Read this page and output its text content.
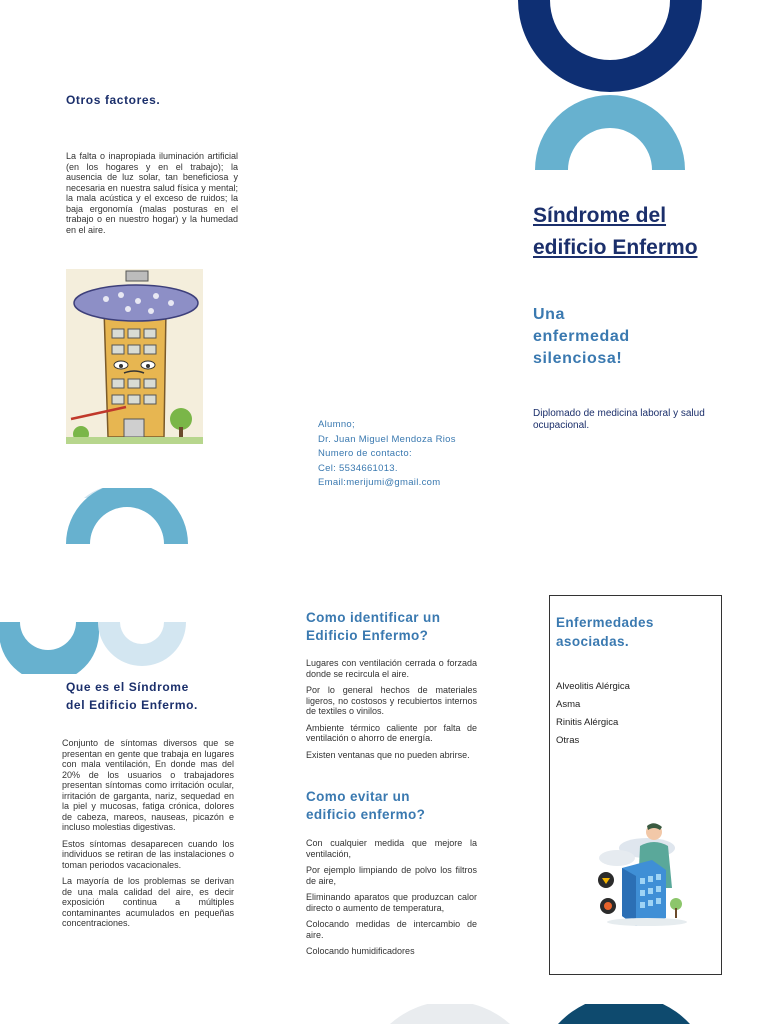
Otros factores.

La falta o inapropiada iluminación artificial (en los hogares y en el trabajo); la ausencia de luz solar, tan beneficiosa y necesaria en nuestra salud física y mental; la mala acústica y el exceso de ruidos; la baja ergonomía (malas posturas en el trabajo o en nuestro hogar) y la humedad en el aire.

Alumno;
Dr. Juan Miguel Mendoza Rios
Numero de contacto:
Cel: 5534661013.
Email:merijumi@gmail.com
Síndrome del
edificio Enfermo
Una
enfermedad
silenciosa!

Diplomado de medicina laboral y salud ocupacional.

Que es el Síndrome
del Edificio Enfermo.

Conjunto de síntomas diversos que se presentan en gente que trabaja en lugares con mala ventilación, En donde mas del 20% de los usuarios o trabajadores presentan síntomas como irritación ocular, irritación de garganta, nariz, sequedad en la piel y mucosas, fatiga crónica, dolores de cabeza, mareos, nauseas, picazón e incluso molestias digestivas.

Estos síntomas desaparecen cuando los individuos se retiran de las instalaciones o toman periodos vacacionales.

La mayoría de los problemas se derivan de una mala calidad del aire, es decir exposición continua a múltiples contaminantes acumulados en pequeñas concentraciones.

Como identificar un
Edificio Enfermo?

Lugares con ventilación cerrada o forzada donde se recircula el aire.

Por lo general hechos de materiales ligeros, no costosos y recubiertos internos de textiles o vinilos.

Ambiente térmico caliente por falta de ventilación o ahorro de energía.

Existen ventanas que no pueden abrirse.

Como evitar un
edificio enfermo?

Con cualquier medida que mejore la ventilación,

Por ejemplo limpiando de polvo los filtros de aire,

Eliminando aparatos que produzcan calor directo o aumento de temperatura,

Colocando medidas de intercambio de aire.

Colocando humidificadores

Enfermedades
asociadas.
Alveolitis Alérgica
Asma
Rinitis Alérgica
Otras
